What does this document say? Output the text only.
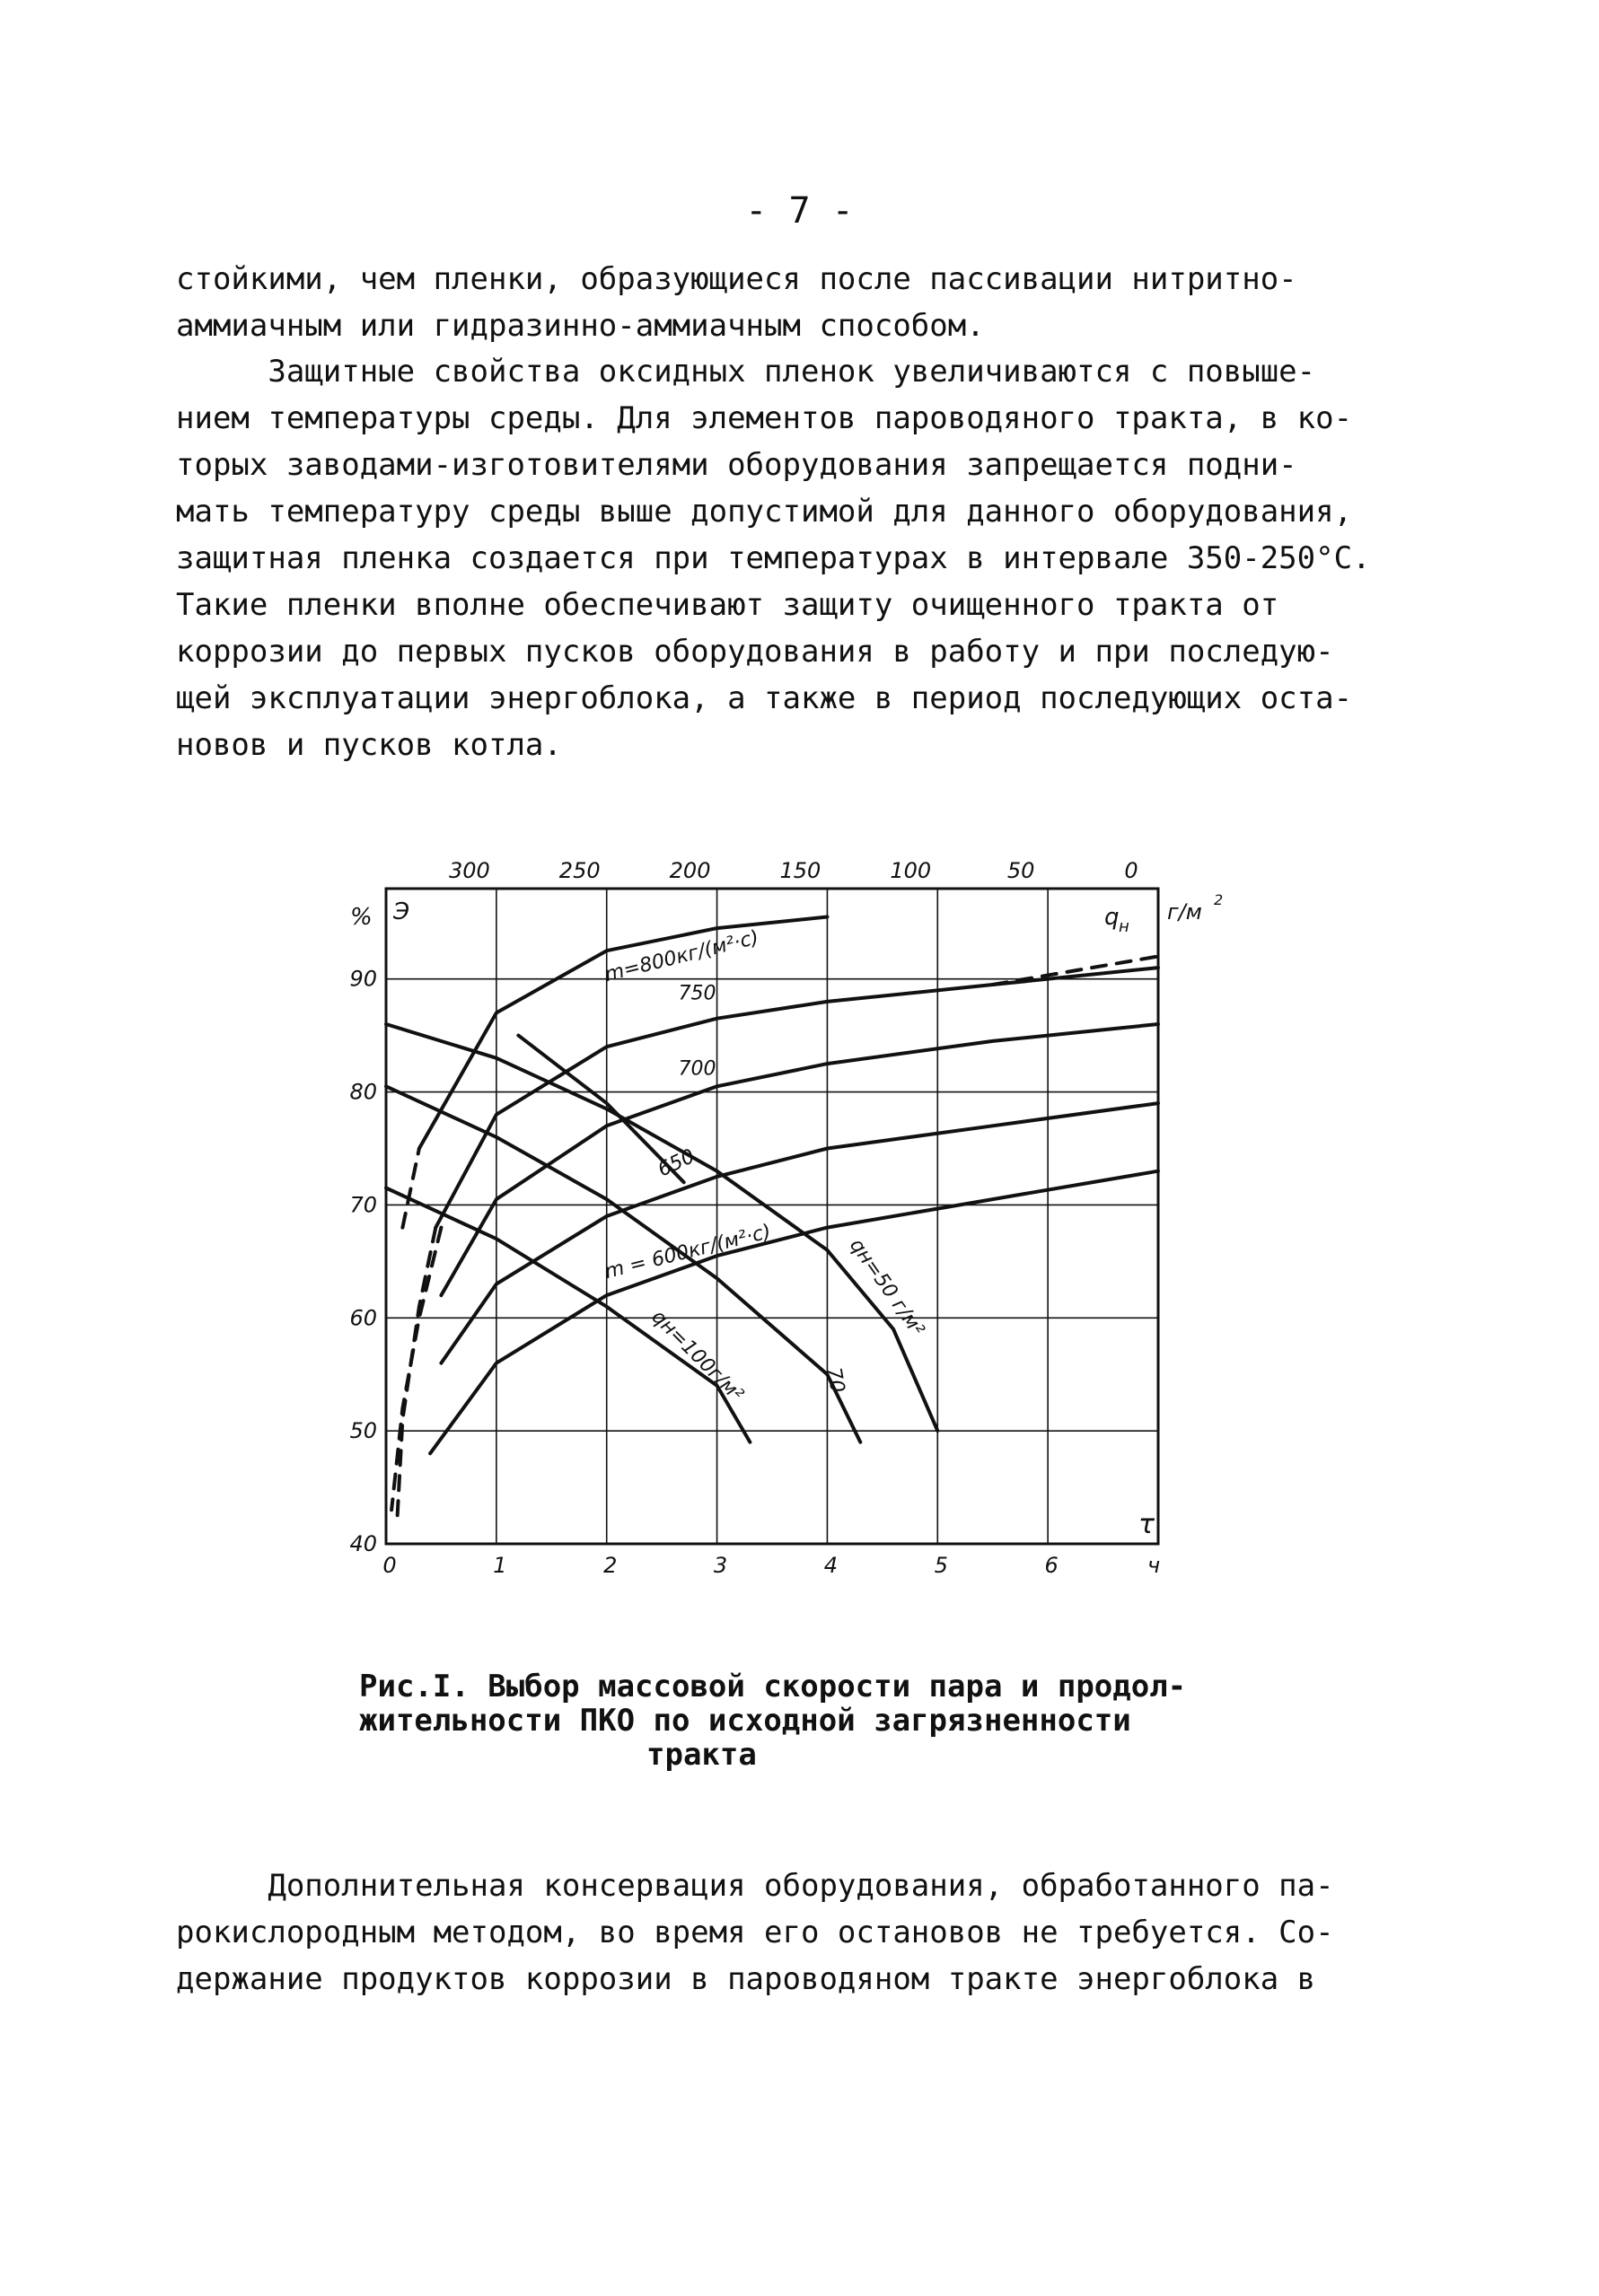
- 7 -
стойкими, чем пленки, образующиеся после пассивации нитритно-
аммиачным или гидразинно-аммиачным способом.
Защитные свойства оксидных пленок увеличиваются с повыше-
нием температуры среды. Для элементов пароводяного тракта, в ко-
торых заводами-изготовителями оборудования запрещается подни-
мать температуру среды выше допустимой для данного оборудования,
защитная пленка создается при температурах в интервале 350-250°С.
Такие пленки вполне обеспечивают защиту очищенного тракта от
коррозии до первых пусков оборудования в работу и при последую-
щей эксплуатации энергоблока, а также в период последующих оста-
новов и пусков котла.
90
80
70
60
50
40
% Э
0	1	2	3	4	5	6
τ
ч
300	250	200	150	100	50	0
q н
г/м 2
m=800кг/(м²·с)
750
700
650
m = 600кг/(м²·с)	qн=50 г/м²
70
qн=100г/м²
Рис.I. Выбор массовой скорости пара и продол-
жительности ПКО по исходной загрязненности
тракта
Дополнительная консервация оборудования, обработанного па-
рокислородным методом, во время его остановов не требуется. Со-
держание продуктов коррозии в пароводяном тракте энергоблока в
